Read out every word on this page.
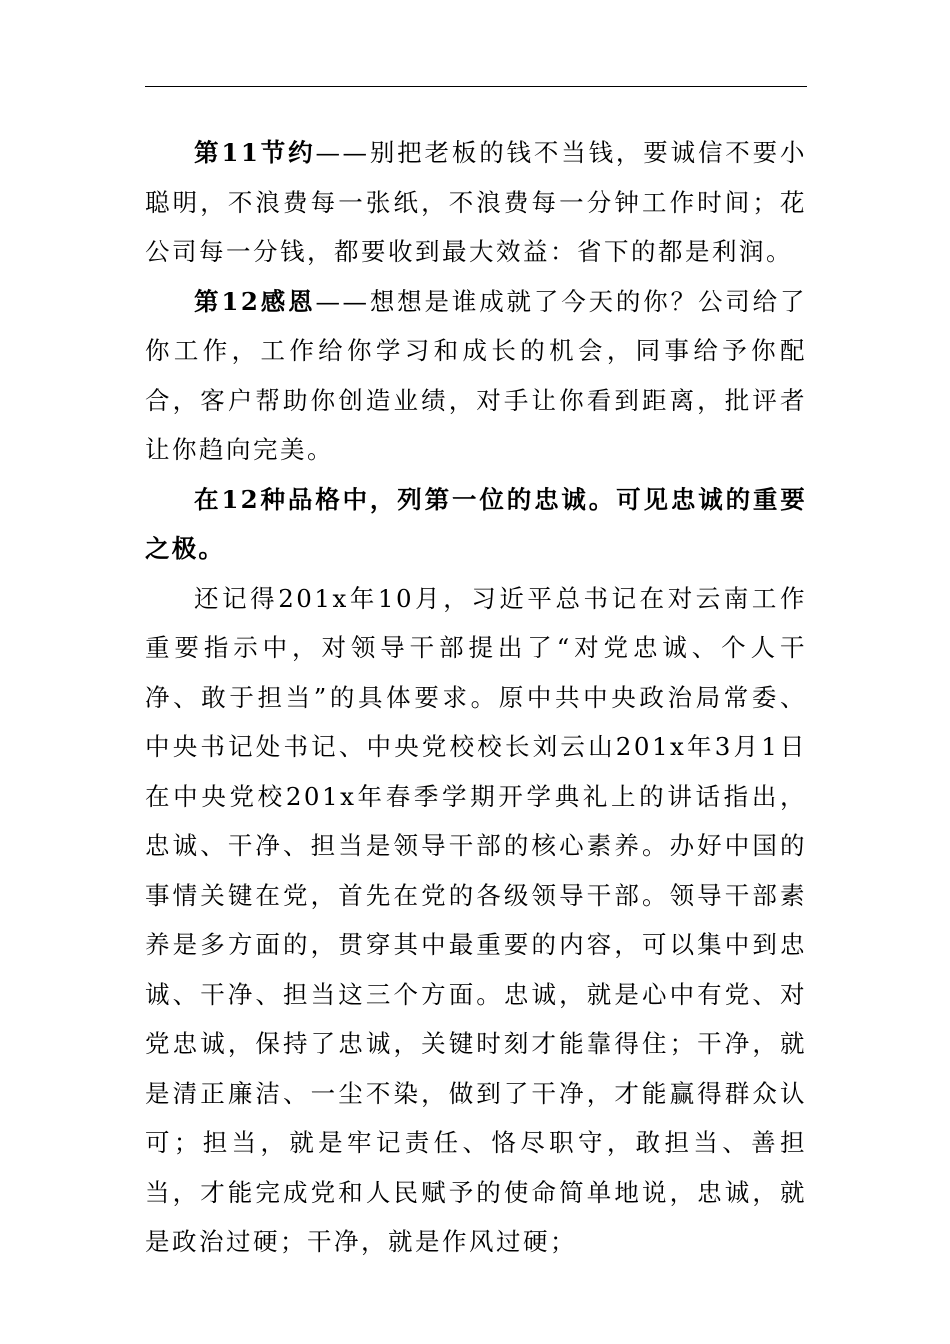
第11节约——别把老板的钱不当钱，要诚信不要小聪明，不浪费每一张纸，不浪费每一分钟工作时间；花公司每一分钱，都要收到最大效益：省下的都是利润。

第12感恩——想想是谁成就了今天的你？公司给了你工作，工作给你学习和成长的机会，同事给予你配合，客户帮助你创造业绩，对手让你看到距离，批评者让你趋向完美。

在12种品格中，列第一位的忠诚。可见忠诚的重要之极。

还记得201x年10月，习近平总书记在对云南工作重要指示中，对领导干部提出了“对党忠诚、个人干净、敢于担当”的具体要求。原中共中央政治局常委、中央书记处书记、中央党校校长刘云山201x年3月1日在中央党校201x年春季学期开学典礼上的讲话指出，忠诚、干净、担当是领导干部的核心素养。办好中国的事情关键在党，首先在党的各级领导干部。领导干部素养是多方面的，贯穿其中最重要的内容，可以集中到忠诚、干净、担当这三个方面。忠诚，就是心中有党、对党忠诚，保持了忠诚，关键时刻才能靠得住；干净，就是清正廉洁、一尘不染，做到了干净，才能赢得群众认可；担当，就是牢记责任、恪尽职守，敢担当、善担当，才能完成党和人民赋予的使命简单地说，忠诚，就是政治过硬；干净，就是作风过硬；
